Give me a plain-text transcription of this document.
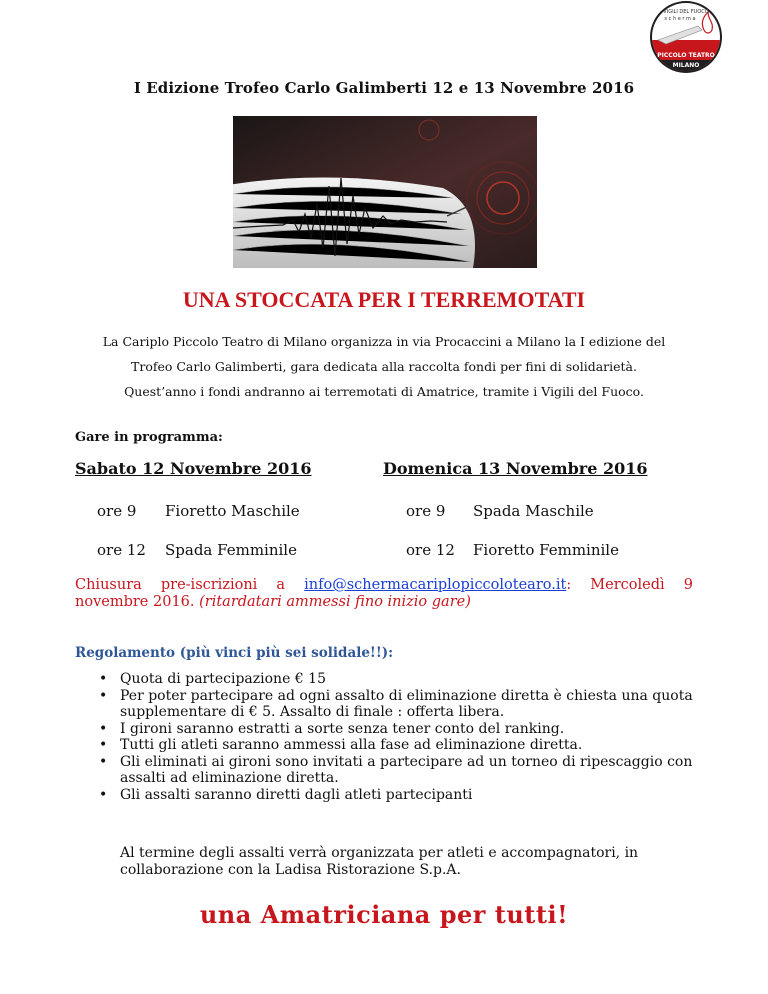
VIGILI DEL FUOCO
s c h e r m a
PICCOLO TEATRO
MILANO
I Edizione Trofeo Carlo Galimberti 12 e 13 Novembre 2016
UNA STOCCATA PER I TERREMOTATI
La Cariplo Piccolo Teatro di Milano organizza in via Procaccini a Milano la I edizione del
Trofeo Carlo Galimberti, gara dedicata alla raccolta fondi per fini di solidarietà.
Quest’anno i fondi andranno ai terremotati di Amatrice, tramite i Vigili del Fuoco.
Gare in programma:
Sabato 12 Novembre 2016
ore 9 Fioretto Maschile
ore 12 Spada Femminile
Domenica 13 Novembre 2016
ore 9 Spada Maschile
ore 12 Fioretto Femminile
Chiusura pre-iscrizioni a info@schermacariplopiccolotearo.it: Mercoledì 9
novembre 2016. (ritardatari ammessi fino inizio gare)
Regolamento (più vinci più sei solidale!!):
• Quota di partecipazione € 15
• Per poter partecipare ad ogni assalto di eliminazione diretta è chiesta una quota supplementare di € 5. Assalto di finale : offerta libera.
• I gironi saranno estratti a sorte senza tener conto del ranking.
• Tutti gli atleti saranno ammessi alla fase ad eliminazione diretta.
• Gli eliminati ai gironi sono invitati a partecipare ad un torneo di ripescaggio con assalti ad eliminazione diretta.
• Gli assalti saranno diretti dagli atleti partecipanti
Al termine degli assalti verrà organizzata per atleti e accompagnatori, in collaborazione con la Ladisa Ristorazione S.p.A.
una Amatriciana per tutti!
